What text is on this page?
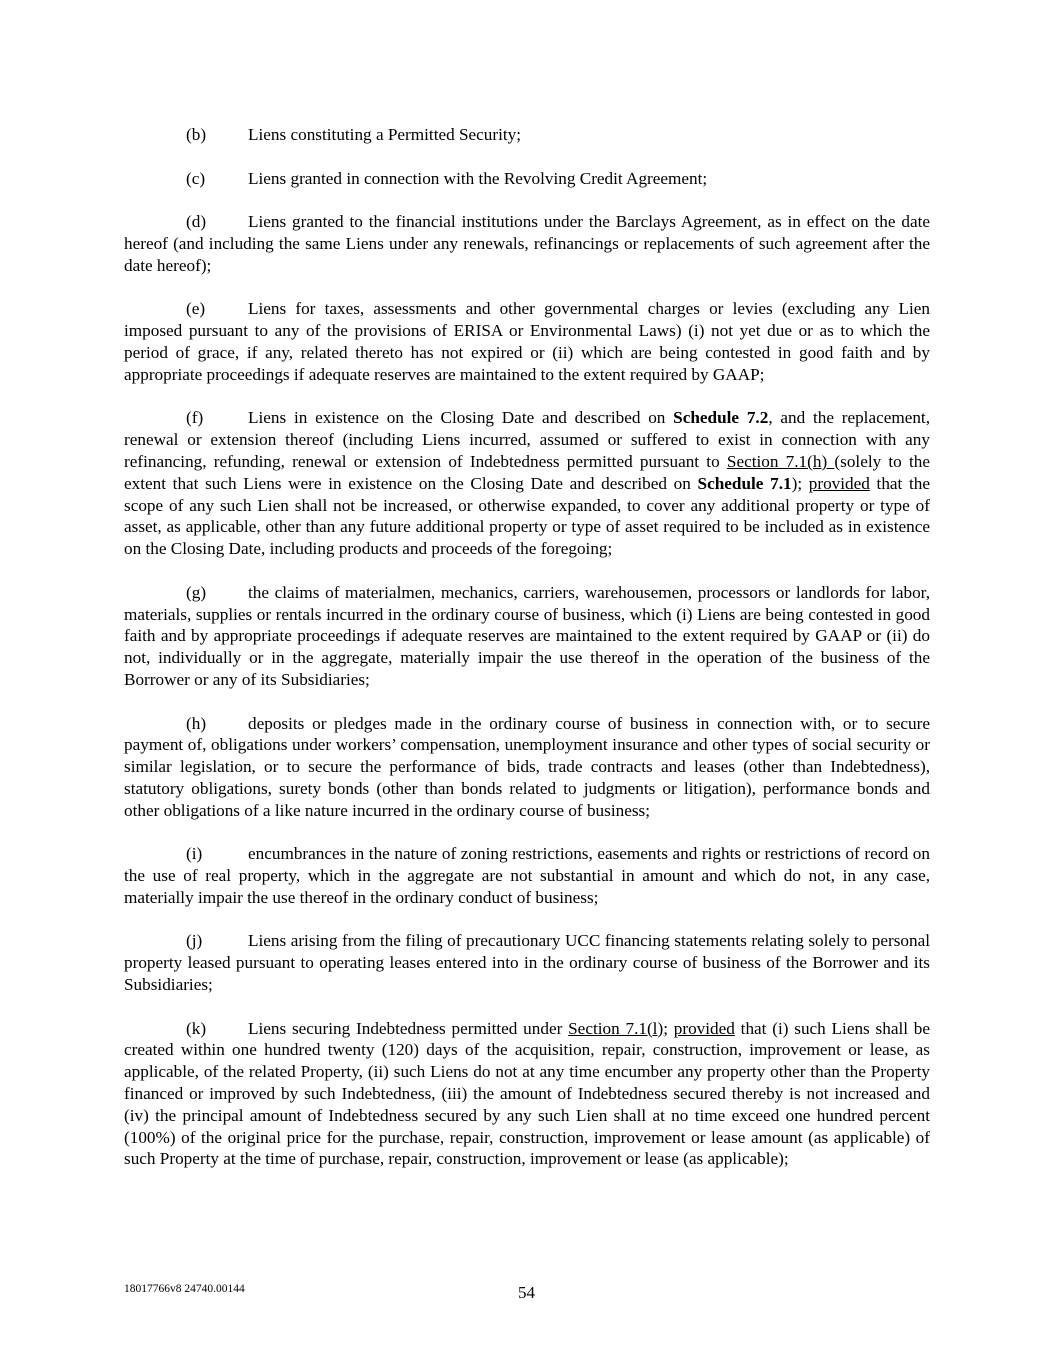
(b) Liens constituting a Permitted Security;

(c) Liens granted in connection with the Revolving Credit Agreement;

(d) Liens granted to the financial institutions under the Barclays Agreement, as in effect on the date hereof (and including the same Liens under any renewals, refinancings or replacements of such agreement after the date hereof);

(e) Liens for taxes, assessments and other governmental charges or levies (excluding any Lien imposed pursuant to any of the provisions of ERISA or Environmental Laws) (i) not yet due or as to which the period of grace, if any, related thereto has not expired or (ii) which are being contested in good faith and by appropriate proceedings if adequate reserves are maintained to the extent required by GAAP;

(f)	Liens in existence on the Closing Date and described on Schedule 7.2, and the replacement, renewal or extension thereof (including Liens incurred, assumed or suffered to exist in connection with any refinancing, refunding, renewal or extension of Indebtedness permitted pursuant to Section 7.1(h) (solely to the extent that such Liens were in existence on the Closing Date and described on Schedule 7.1); provided that the scope of any such Lien shall not be increased, or otherwise expanded, to cover any additional property or type of asset, as applicable, other than any future additional property or type of asset required to be included as in existence on the Closing Date, including products and proceeds of the foregoing;

(g) the claims of materialmen, mechanics, carriers, warehousemen, processors or landlords for labor, materials, supplies or rentals incurred in the ordinary course of business, which (i) Liens are being contested in good faith and by appropriate proceedings if adequate reserves are maintained to the extent required by GAAP or (ii) do not, individually or in the aggregate, materially impair the use thereof in the operation of the business of the Borrower or any of its Subsidiaries;

(h) deposits or pledges made in the ordinary course of business in connection with, or to secure payment of, obligations under workers’ compensation, unemployment insurance and other types of social security or similar legislation, or to secure the performance of bids, trade contracts and leases (other than Indebtedness), statutory obligations, surety bonds (other than bonds related to judgments or litigation), performance bonds and other obligations of a like nature incurred in the ordinary course of business;

(i)	encumbrances in the nature of zoning restrictions, easements and rights or restrictions of record on the use of real property, which in the aggregate are not substantial in amount and which do not, in any case, materially impair the use thereof in the ordinary conduct of business;

(j)	Liens arising from the filing of precautionary UCC financing statements relating solely to personal property leased pursuant to operating leases entered into in the ordinary course of business of the Borrower and its Subsidiaries;

(k) Liens securing Indebtedness permitted under Section 7.1(l); provided that (i) such Liens shall be created within one hundred twenty (120) days of the acquisition, repair, construction, improvement or lease, as applicable, of the related Property, (ii) such Liens do not at any time encumber any property other than the Property financed or improved by such Indebtedness, (iii) the amount of Indebtedness secured thereby is not increased and (iv) the principal amount of Indebtedness secured by any such Lien shall at no time exceed one hundred percent (100%) of the original price for the purchase, repair, construction, improvement or lease amount (as applicable) of such Property at the time of purchase, repair, construction, improvement or lease (as applicable);

18017766v8 24740.00144	54
